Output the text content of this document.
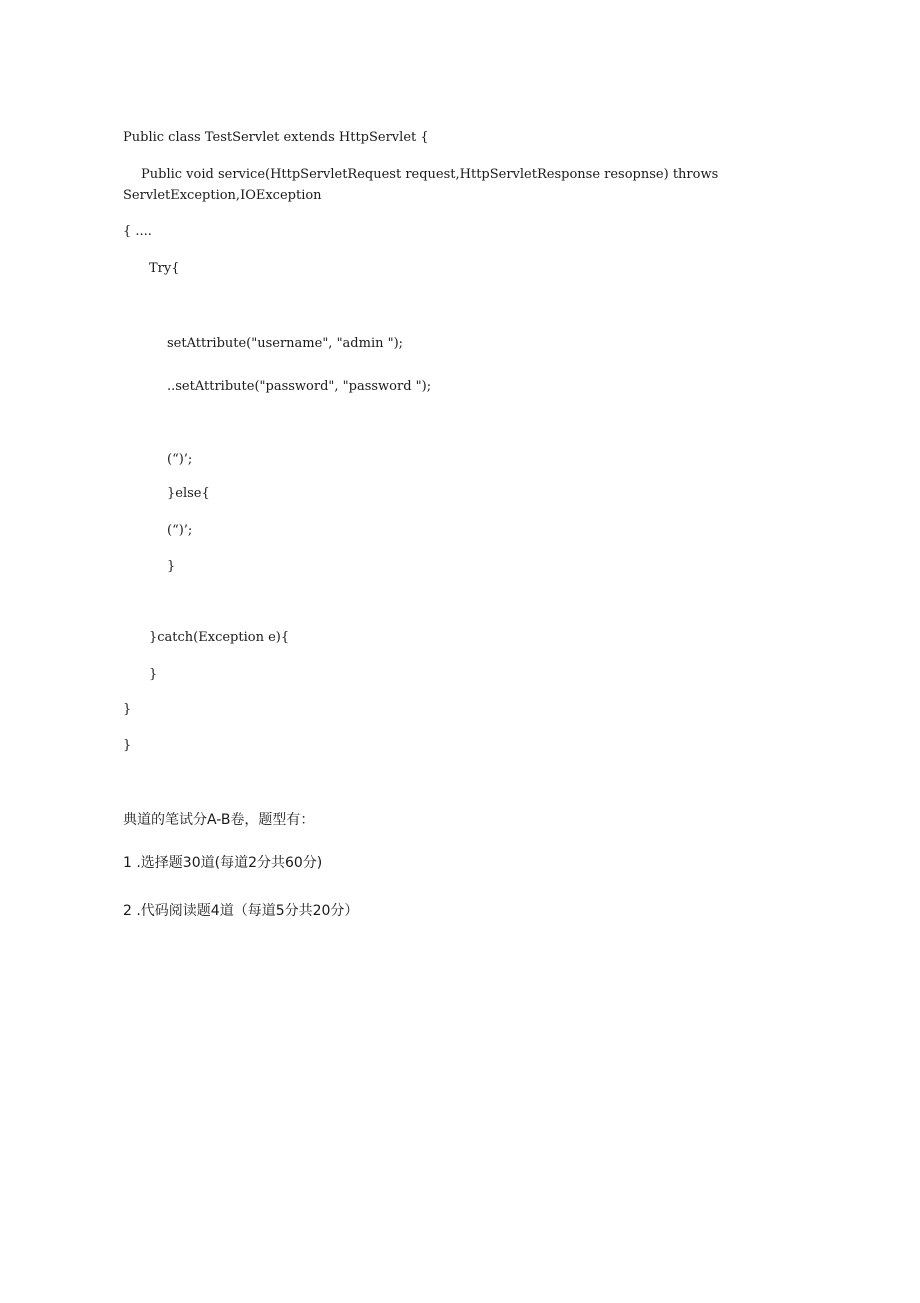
Public class TestServlet extends HttpServlet {
Public void service(HttpServletRequest request,HttpServletResponse resopnse) throws
ServletException,IOException
{ ....
Try{
setAttribute("username", "admin ");
..setAttribute("password", "password ");
(“)’;
}else{
(“)’;
}
}catch(Exception e){
}
}
}
典道的笔试分A-B卷，题型有：
1 .选择题30道(每道2分共60分)
2 .代码阅读题4道（每道5分共20分）
